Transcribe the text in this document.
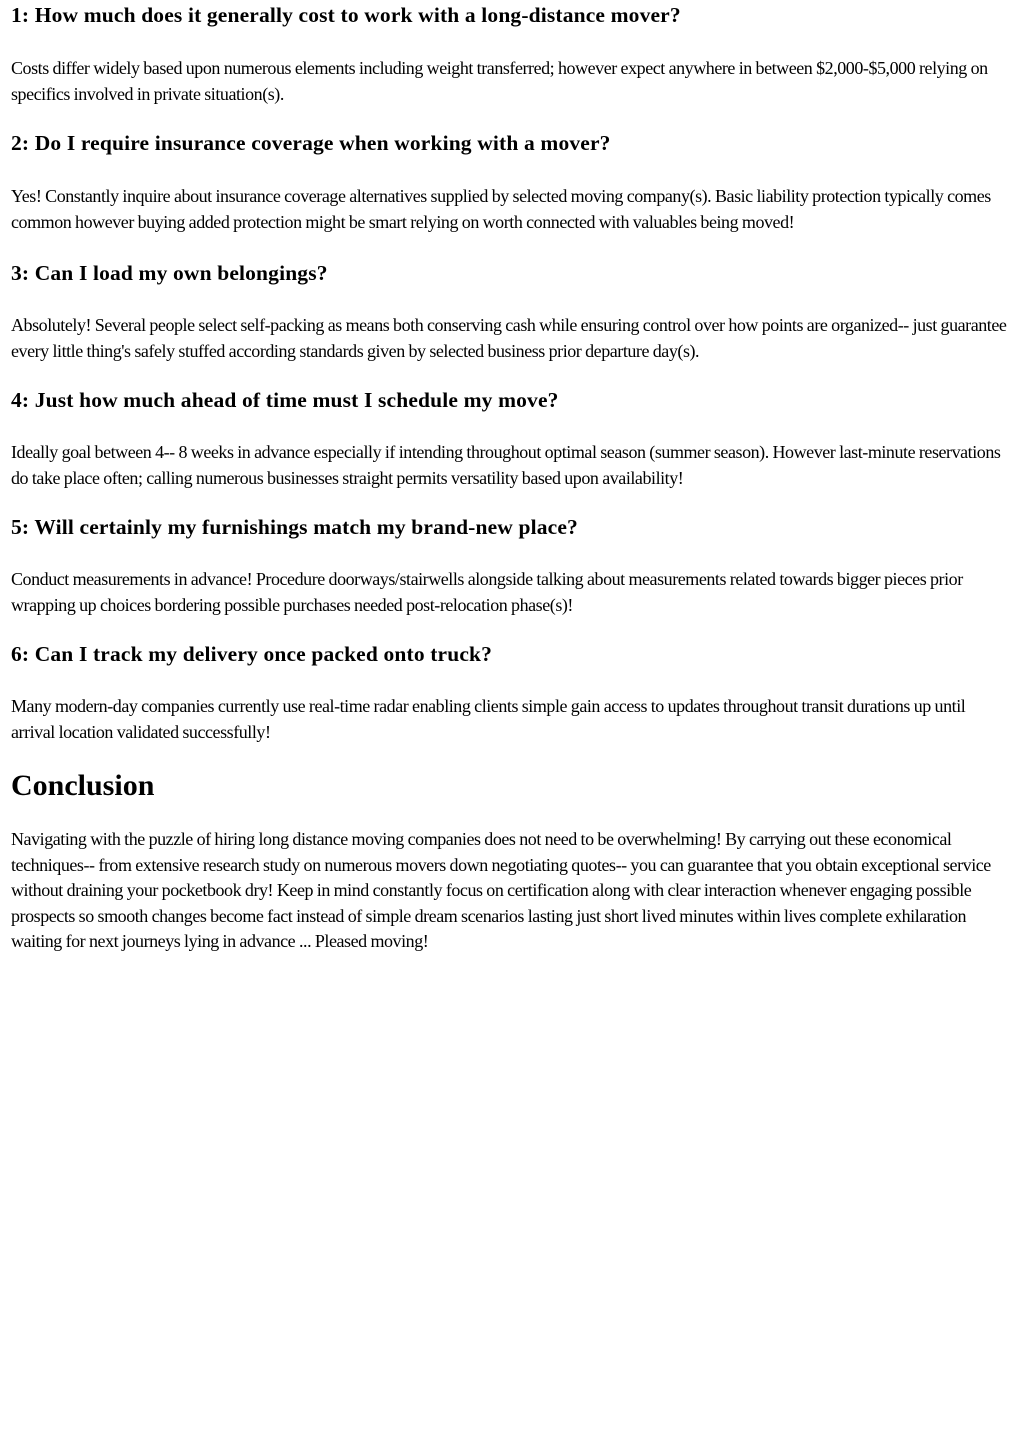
1: How much does it generally cost to work with a long-distance mover?

Costs differ widely based upon numerous elements including weight transferred; however expect anywhere in between $2,000-$5,000 relying on specifics involved in private situation(s).

2: Do I require insurance coverage when working with a mover?

Yes! Constantly inquire about insurance coverage alternatives supplied by selected moving company(s). Basic liability protection typically comes common however buying added protection might be smart relying on worth connected with valuables being moved!

3: Can I load my own belongings?

Absolutely! Several people select self-packing as means both conserving cash while ensuring control over how points are organized-- just guarantee every little thing's safely stuffed according standards given by selected business prior departure day(s).

4: Just how much ahead of time must I schedule my move?

Ideally goal between 4-- 8 weeks in advance especially if intending throughout optimal season (summer season). However last-minute reservations do take place often; calling numerous businesses straight permits versatility based upon availability!

5: Will certainly my furnishings match my brand-new place?

Conduct measurements in advance! Procedure doorways/stairwells alongside talking about measurements related towards bigger pieces prior wrapping up choices bordering possible purchases needed post-relocation phase(s)!

6: Can I track my delivery once packed onto truck?

Many modern-day companies currently use real-time radar enabling clients simple gain access to updates throughout transit durations up until arrival location validated successfully!

Conclusion

Navigating with the puzzle of hiring long distance moving companies does not need to be overwhelming! By carrying out these economical techniques-- from extensive research study on numerous movers down negotiating quotes-- you can guarantee that you obtain exceptional service without draining your pocketbook dry! Keep in mind constantly focus on certification along with clear interaction whenever engaging possible prospects so smooth changes become fact instead of simple dream scenarios lasting just short lived minutes within lives complete exhilaration waiting for next journeys lying in advance ... Pleased moving!
